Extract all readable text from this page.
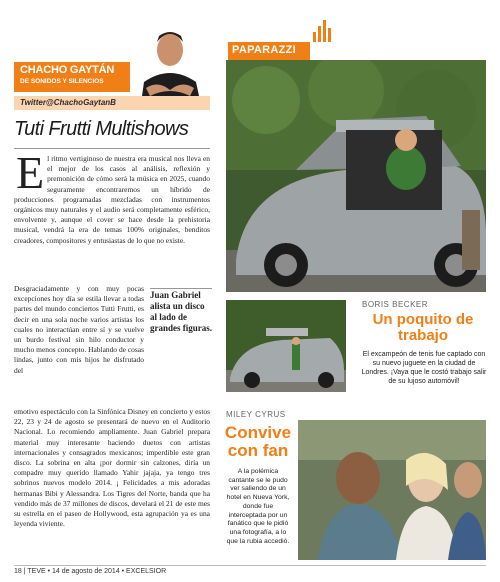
CHACHO GAYTÁN
DE SONIDOS Y SILENCIOS
Twitter@ChachoGaytanB
Tuti Frutti Multishows
E l ritmo vertiginoso de nuestra era musical nos lleva en el mejor de los casos al análisis, reflexión y premonición de cómo será la música en 2025, cuando seguramente encontraremos un híbrido de producciones programadas mezcladas con instrumentos orgánicos muy naturales y el audio será completamente esférico, envolvente y, aunque el cover se hace desde la prehistoria musical, vendrá la era de temas 100% originales, benditos creadores, compositores y entusiastas de lo que no existe.

Desgraciadamente y con muy pocas excepciones hoy día se estila llevar a todas partes del mundo conciertos Tutti Frutti, es decir en una sola noche varios artistas los cuales no interactúan entre sí y se vuelve un burdo festival sin hilo conductor y mucho menos concepto. Hablando de cosas lindas, junto con mis hijos he disfrutado del

Juan Gabriel alista un disco al lado de grandes figuras.

emotivo espectáculo con la Sinfónica Disney en concierto y estos 22, 23 y 24 de agosto se presentará de nuevo en el Auditorio Nacional. Lo recomiendo ampliamente. Juan Gabriel prepara material muy interesante haciendo duetos con artistas internacionales y consagrados mexicanos; imperdible este gran disco. La sobrina en alta ¡por dormir sin calzones, diría un compadre muy querido llamado Yahir jajaja, ya tengo tres sobrinos nuevos modelo 2014. ¡ Felicidades a mis adoradas hermanas Bibi y Alessandra. Los Tigres del Norte, banda que ha vendido más de 37 millones de discos, develará el 21 de este mes su estrella en el paseo de Hollywood, esta agrupación ya es una leyenda viviente.

PAPARAZZI
BORIS BECKER
Un poquito de trabajo
El excampeón de tenis fue captado con su nuevo juguete en la ciudad de Londres. ¡Vaya que le costó trabajo salir de su lujoso automóvil!
MILEY CYRUS
Convive
con fan
A la polémica cantante se le pudo ver saliendo de un hotel en Nueva York, donde fue interceptada por un fanático que le pidió una fotografía, a lo que la rubia accedió.
18 | TEVE • 14 de agosto de 2014 • EXCELSIOR
